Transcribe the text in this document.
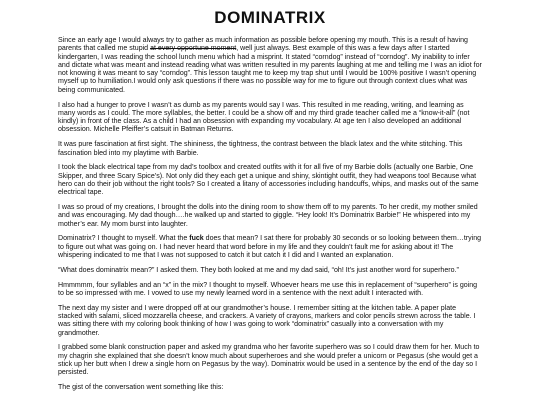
DOMINATRIX

Since an early age I would always try to gather as much information as possible before opening my mouth. This is a result of having parents that called me stupid at every opportune moment, well just always. Best example of this was a few days after I started kindergarten, I was reading the school lunch menu which had a misprint. It stated “corndog” instead of “corndog”. My inability to infer and dictate what was meant and instead reading what was written resulted in my parents laughing at me and telling me I was an idiot for not knowing it was meant to say “corndog”. This lesson taught me to keep my trap shut until I would be 100% positive I wasn’t opening myself up to humiliation.I would only ask questions if there was no possible way for me to figure out through context clues what was being communicated.

I also had a hunger to prove I wasn’t as dumb as my parents would say I was. This resulted in me reading, writing, and learning as many words as I could. The more syllables, the better. I could be a show off and my third grade teacher called me a “know-it-all” (not kindly) in front of the class. As a child I had an obsession with expanding my vocabulary. At age ten I also developed an additional obsession. Michelle Pfeiffer’s catsuit in Batman Returns.

It was pure fascination at first sight. The shininess, the tightness, the contrast between the black latex and the white stitching. This fascination bled into my playtime with Barbie.

I took the black electrical tape from my dad’s toolbox and created outfits with it for all five of my Barbie dolls (actually one Barbie, One Skipper, and three Scary Spice’s). Not only did they each get a unique and shiny, skintight outfit, they had weapons too! Because what hero can do their job without the right tools? So I created a litany of accessories including handcuffs, whips, and masks out of the same electrical tape.

I was so proud of my creations, I brought the dolls into the dining room to show them off to my parents. To her credit, my mother smiled and was encouraging. My dad though….he walked up and started to giggle. “Hey look! It’s Dominatrix Barbie!” He whispered into my mother’s ear. My mom burst into laughter.

Dominatrix? I thought to myself. What the fuck does that mean? I sat there for probably 30 seconds or so looking between them…trying to figure out what was going on. I had never heard that word before in my life and they couldn’t fault me for asking about it! The whispering indicated to me that I was not supposed to catch it but catch it I did and I wanted an explanation.

“What does dominatrix mean?” I asked them. They both looked at me and my dad said, “oh! It’s just another word for superhero.”

Hmmmmm, four syllables and an “x” in the mix? I thought to myself. Whoever hears me use this in replacement of “superhero” is going to be so impressed with me. I vowed to use my newly learned word in a sentence with the next adult I interacted with.

The next day my sister and I were dropped off at our grandmother’s house. I remember sitting at the kitchen table. A paper plate stacked with salami, sliced mozzarella cheese, and crackers. A variety of crayons, markers and color pencils strewn across the table. I was sitting there with my coloring book thinking of how I was going to work “dominatrix” casually into a conversation with my grandmother.

I grabbed some blank construction paper and asked my grandma who her favorite superhero was so I could draw them for her. Much to my chagrin she explained that she doesn’t know much about superheroes and she would prefer a unicorn or Pegasus (she would get a stick up her butt when I drew a single horn on Pegasus by the way). Dominatrix would be used in a sentence by the end of the day so I persisted.

The gist of the conversation went something like this:
